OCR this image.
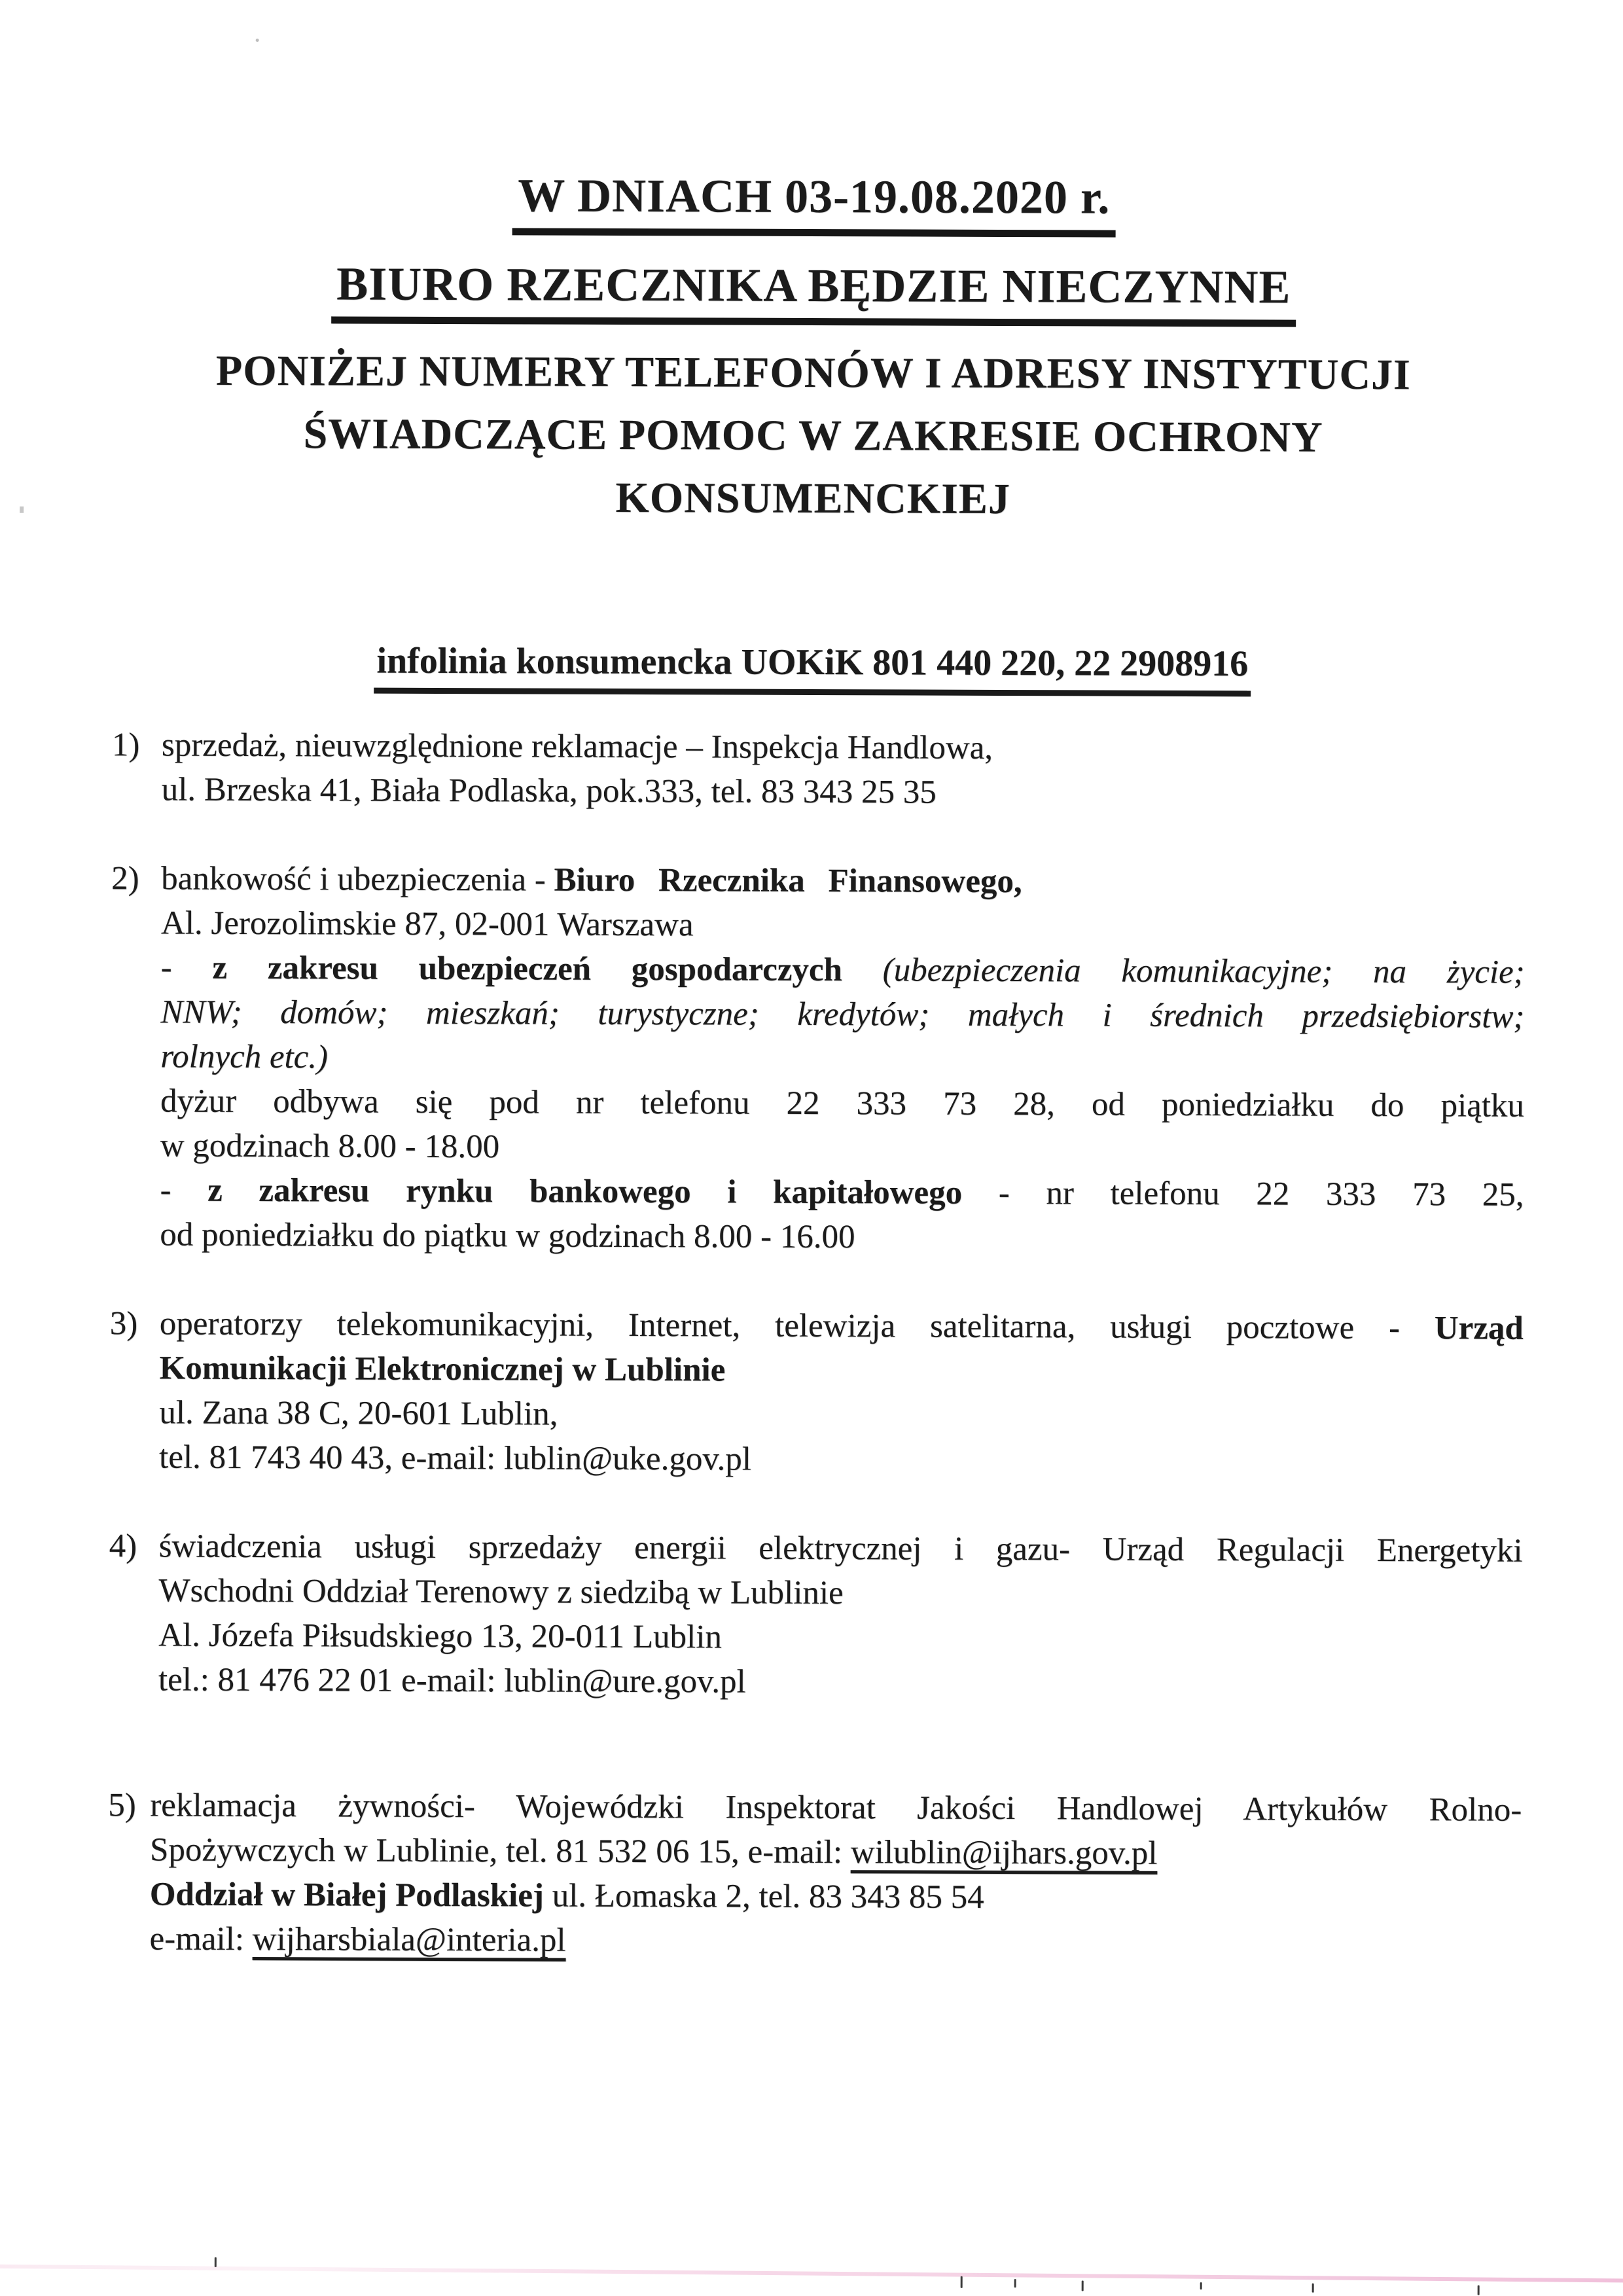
W DNIACH 03-19.08.2020 r.
BIURO RZECZNIKA BĘDZIE NIECZYNNE
PONIŻEJ NUMERY TELEFONÓW I ADRESY INSTYTUCJI
ŚWIADCZĄCE POMOC W ZAKRESIE OCHRONY
KONSUMENCKIEJ
infolinia konsumencka UOKiK 801 440 220, 22 2908916
1) sprzedaż, nieuwzględnione reklamacje – Inspekcja Handlowa,
ul. Brzeska 41, Biała Podlaska, pok.333, tel. 83 343 25 35
2) bankowość i ubezpieczenia - Biuro Rzecznika Finansowego,
Al. Jerozolimskie 87, 02-001 Warszawa
- z zakresu ubezpieczeń gospodarczych (ubezpieczenia komunikacyjne; na życie;
NNW; domów; mieszkań; turystyczne; kredytów; małych i średnich przedsiębiorstw;
rolnych etc.)
dyżur odbywa się pod nr telefonu 22 333 73 28, od poniedziałku do piątku
w godzinach 8.00 - 18.00
- z zakresu rynku bankowego i kapitałowego - nr telefonu 22 333 73 25,
od poniedziałku do piątku w godzinach 8.00 - 16.00
3) operatorzy telekomunikacyjni, Internet, telewizja satelitarna, usługi pocztowe - Urząd
Komunikacji Elektronicznej w Lublinie
ul. Zana 38 C, 20-601 Lublin,
tel. 81 743 40 43, e-mail: lublin@uke.gov.pl
4) świadczenia usługi sprzedaży energii elektrycznej i gazu- Urząd Regulacji Energetyki
Wschodni Oddział Terenowy z siedzibą w Lublinie
Al. Józefa Piłsudskiego 13, 20-011 Lublin
tel.: 81 476 22 01 e-mail: lublin@ure.gov.pl
5) reklamacja żywności- Wojewódzki Inspektorat Jakości Handlowej Artykułów Rolno-
Spożywczych w Lublinie, tel. 81 532 06 15, e-mail: wilublin@ijhars.gov.pl
Oddział w Białej Podlaskiej ul. Łomaska 2, tel. 83 343 85 54
e-mail: wijharsbiala@interia.pl
